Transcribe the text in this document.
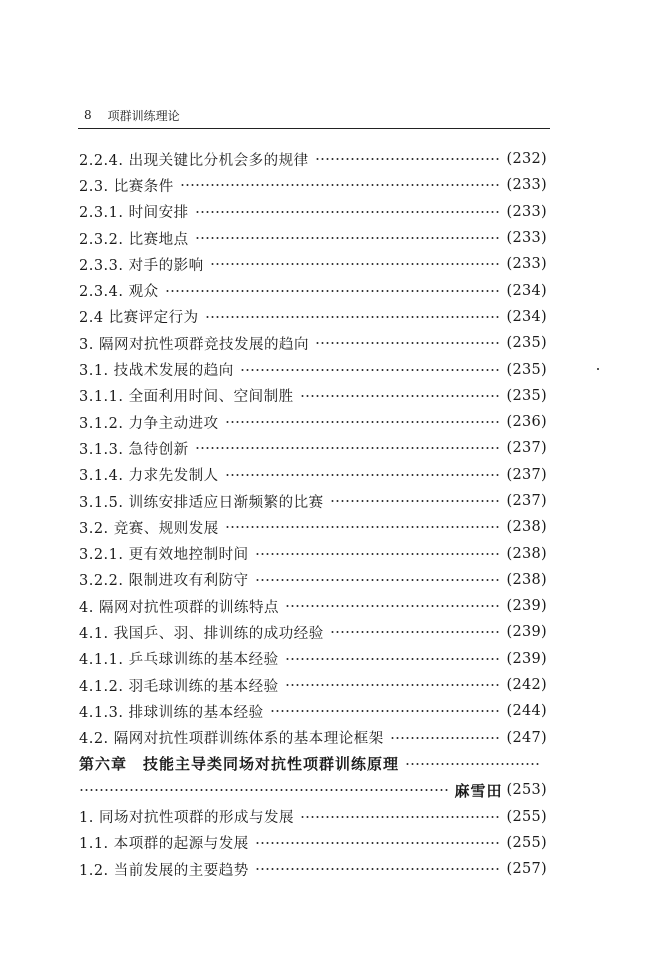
8 项群训练理论
2.2.4. 出现关键比分机会多的规律	(232)
2.3. 比赛条件	(233)
2.3.1. 时间安排	(233)
2.3.2. 比赛地点	(233)
2.3.3. 对手的影响	(233)
2.3.4. 观众	(234)
2.4 比赛评定行为	(234)
3. 隔网对抗性项群竞技发展的趋向	(235)
3.1. 技战术发展的趋向	(235)
3.1.1. 全面利用时间、空间制胜	(235)
3.1.2. 力争主动进攻	(236)
3.1.3. 急待创新	(237)
3.1.4. 力求先发制人	(237)
3.1.5. 训练安排适应日渐频繁的比赛	(237)
3.2. 竞赛、规则发展	(238)
3.2.1. 更有效地控制时间	(238)
3.2.2. 限制进攻有利防守	(238)
4. 隔网对抗性项群的训练特点	(239)
4.1. 我国乒、羽、排训练的成功经验	(239)
4.1.1. 乒乓球训练的基本经验	(239)
4.1.2. 羽毛球训练的基本经验	(242)
4.1.3. 排球训练的基本经验	(244)
4.2. 隔网对抗性项群训练体系的基本理论框架	(247)
第六章　技能主导类同场对抗性项群训练原理
麻雪田 (253)
1. 同场对抗性项群的形成与发展	(255)
1.1. 本项群的起源与发展	(255)
1.2. 当前发展的主要趋势	(257)
